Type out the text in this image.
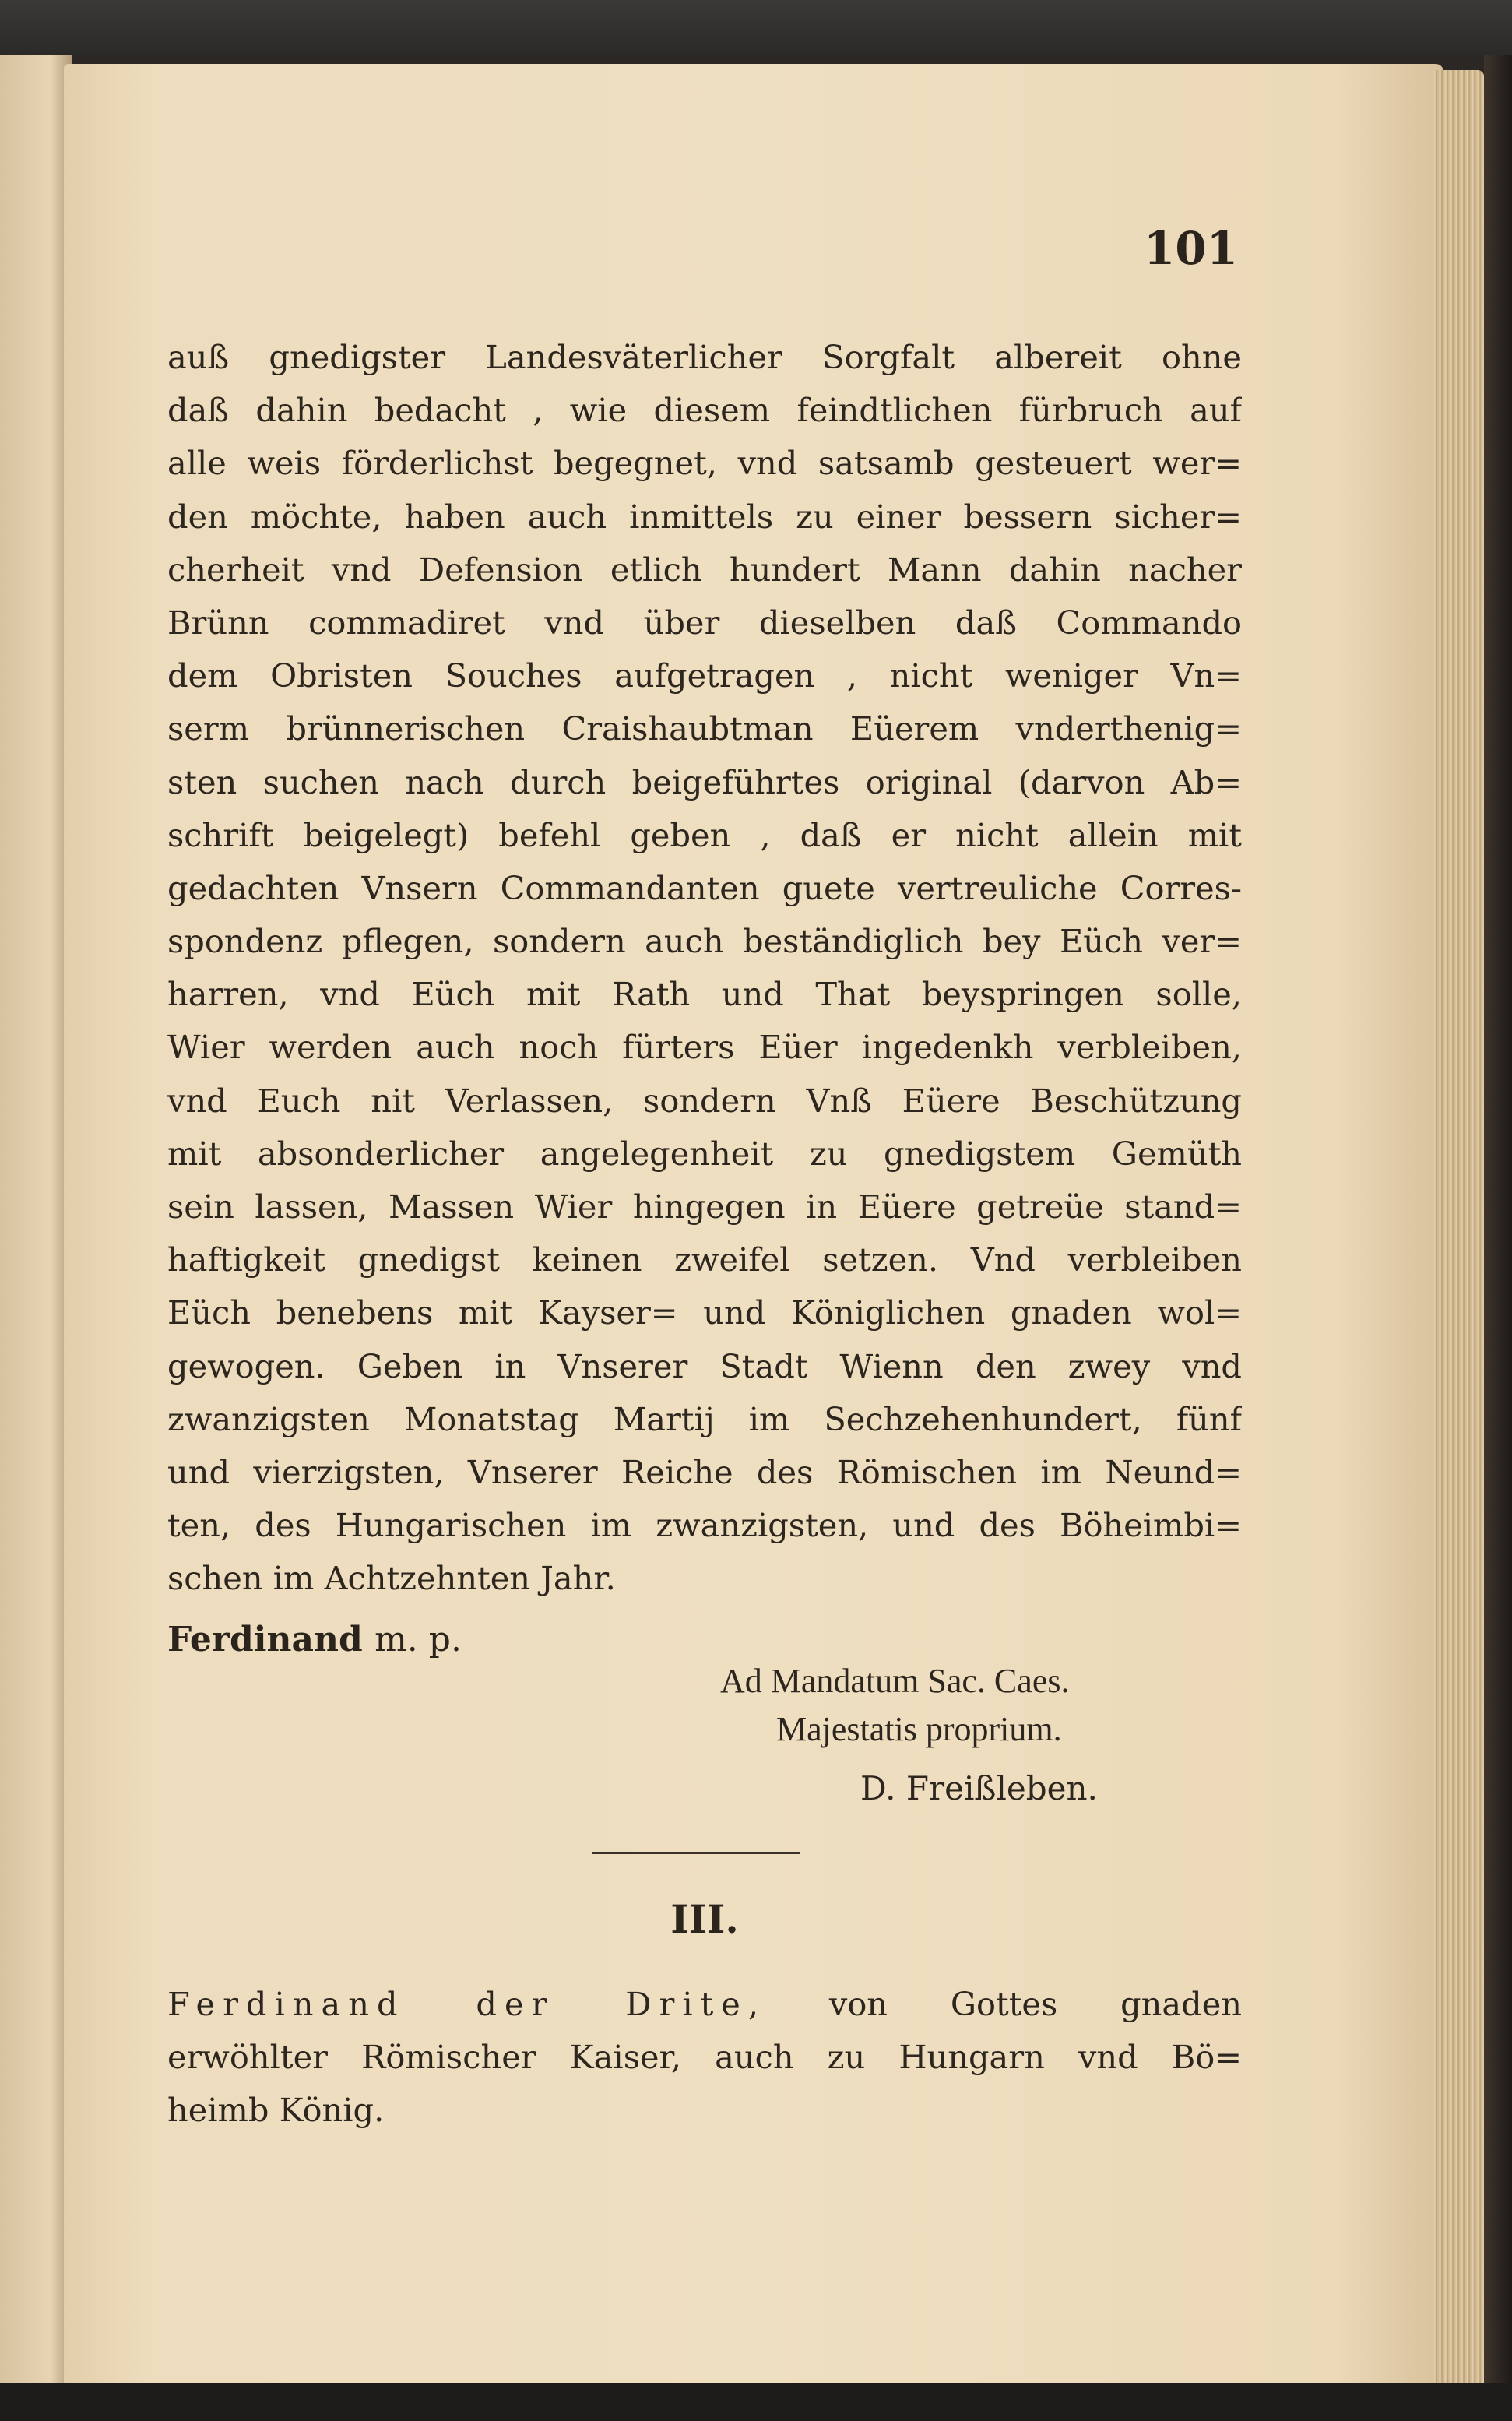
101
auß gnedigster Landesväterlicher Sorgfalt albereit ohne
daß dahin bedacht , wie diesem feindtlichen fürbruch auf
alle weis förderlichst begegnet, vnd satsamb gesteuert wer=
den möchte, haben auch inmittels zu einer bessern sicher=
cherheit vnd Defension etlich hundert Mann dahin nacher
Brünn commadiret vnd über dieselben daß Commando
dem Obristen Souches aufgetragen , nicht weniger Vn=
serm brünnerischen Craishaubtman Eüerem vnderthenig=
sten suchen nach durch beigeführtes original (darvon Ab=
schrift beigelegt) befehl geben , daß er nicht allein mit
gedachten Vnsern Commandanten guete vertreuliche Corres-
spondenz pflegen, sondern auch beständiglich bey Eüch ver=
harren, vnd Eüch mit Rath und That beyspringen solle,
Wier werden auch noch fürters Eüer ingedenkh verbleiben,
vnd Euch nit Verlassen, sondern Vnß Eüere Beschützung
mit absonderlicher angelegenheit zu gnedigstem Gemüth
sein lassen, Massen Wier hingegen in Eüere getreüe stand=
haftigkeit gnedigst keinen zweifel setzen. Vnd verbleiben
Eüch benebens mit Kayser= und Königlichen gnaden wol=
gewogen. Geben in Vnserer Stadt Wienn den zwey vnd
zwanzigsten Monatstag Martij im Sechzehenhundert, fünf
und vierzigsten, Vnserer Reiche des Römischen im Neund=
ten, des Hungarischen im zwanzigsten, und des Böheimbi=
schen im Achtzehnten Jahr.
Ferdinand m. p.
Ad Mandatum Sac. Caes.
Majestatis proprium.
D. Freißleben.
III.
Ferdinand der Drite, von Gottes gnaden
erwöhlter Römischer Kaiser, auch zu Hungarn vnd Bö=
heimb König.
